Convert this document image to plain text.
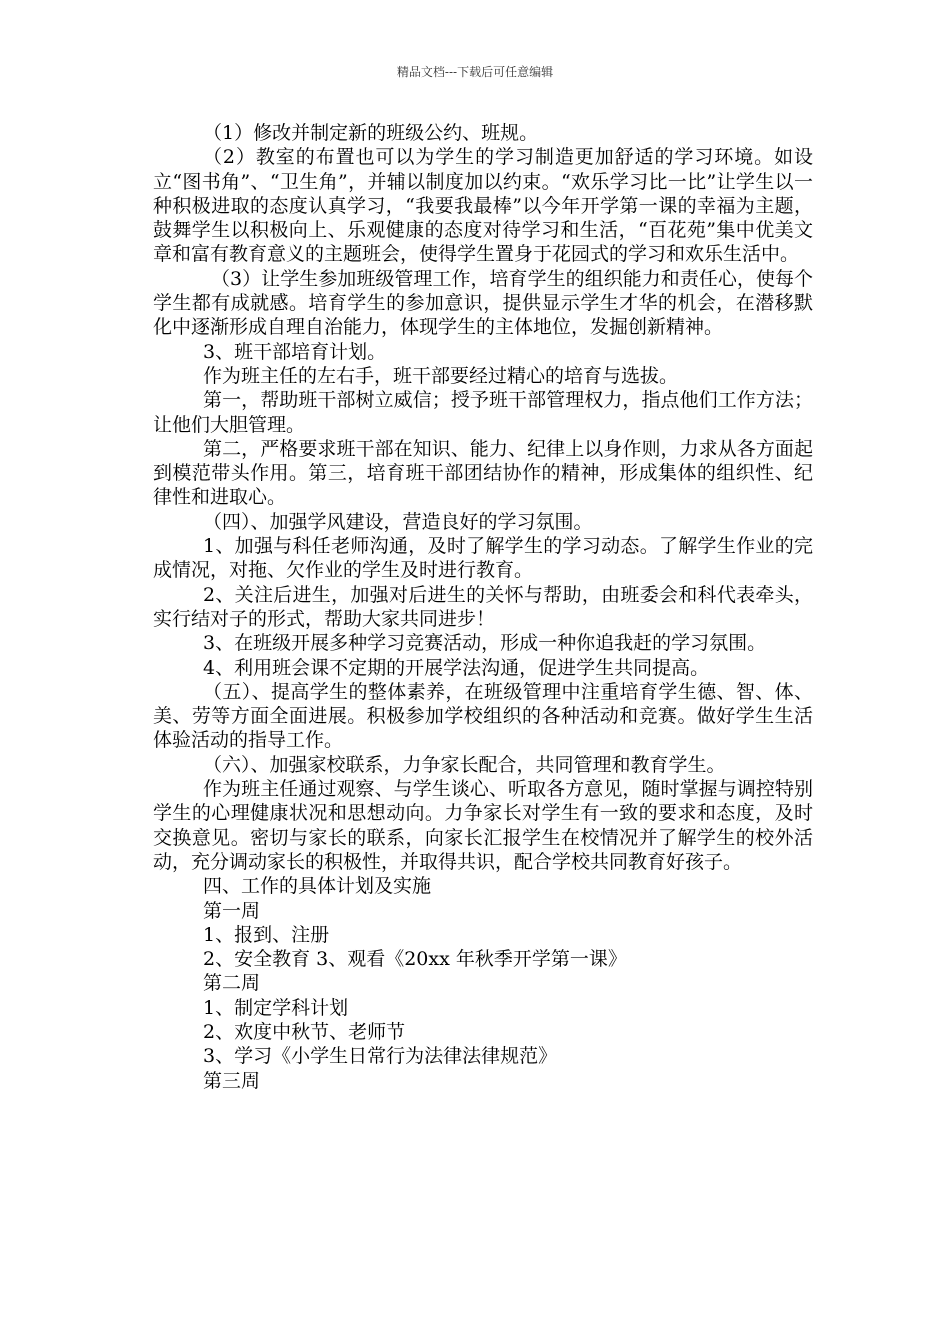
精品文档---下载后可任意编辑

（1）修改并制定新的班级公约、班规。

（2）教室的布置也可以为学生的学习制造更加舒适的学习环境。如设立“图书角”、“卫生角”，并辅以制度加以约束。“欢乐学习比一比”让学生以一种积极进取的态度认真学习，“我要我最棒”以今年开学第一课的幸福为主题，鼓舞学生以积极向上、乐观健康的态度对待学习和生活，“百花苑”集中优美文章和富有教育意义的主题班会，使得学生置身于花园式的学习和欢乐生活中。

（3）让学生参加班级管理工作，培育学生的组织能力和责任心，使每个学生都有成就感。培育学生的参加意识，提供显示学生才华的机会，在潜移默化中逐渐形成自理自治能力，体现学生的主体地位，发掘创新精神。

3、班干部培育计划。

作为班主任的左右手，班干部要经过精心的培育与选拔。

第一，帮助班干部树立威信；授予班干部管理权力，指点他们工作方法；让他们大胆管理。

第二，严格要求班干部在知识、能力、纪律上以身作则，力求从各方面起到模范带头作用。第三，培育班干部团结协作的精神，形成集体的组织性、纪律性和进取心。

（四）、加强学风建设，营造良好的学习氛围。

1、加强与科任老师沟通，及时了解学生的学习动态。了解学生作业的完成情况，对拖、欠作业的学生及时进行教育。

2、关注后进生，加强对后进生的关怀与帮助，由班委会和科代表牵头，实行结对子的形式，帮助大家共同进步！

3、在班级开展多种学习竞赛活动，形成一种你追我赶的学习氛围。

4、利用班会课不定期的开展学法沟通，促进学生共同提高。

（五）、提高学生的整体素养，在班级管理中注重培育学生德、智、体、美、劳等方面全面进展。积极参加学校组织的各种活动和竞赛。做好学生生活体验活动的指导工作。

（六）、加强家校联系，力争家长配合，共同管理和教育学生。

作为班主任通过观察、与学生谈心、听取各方意见，随时掌握与调控特别学生的心理健康状况和思想动向。力争家长对学生有一致的要求和态度，及时交换意见。密切与家长的联系，向家长汇报学生在校情况并了解学生的校外活动，充分调动家长的积极性，并取得共识，配合学校共同教育好孩子。

四、工作的具体计划及实施

第一周

1、报到、注册

2、安全教育 3、观看《20xx 年秋季开学第一课》

第二周

1、制定学科计划

2、欢度中秋节、老师节

3、学习《小学生日常行为法律法律规范》

第三周
